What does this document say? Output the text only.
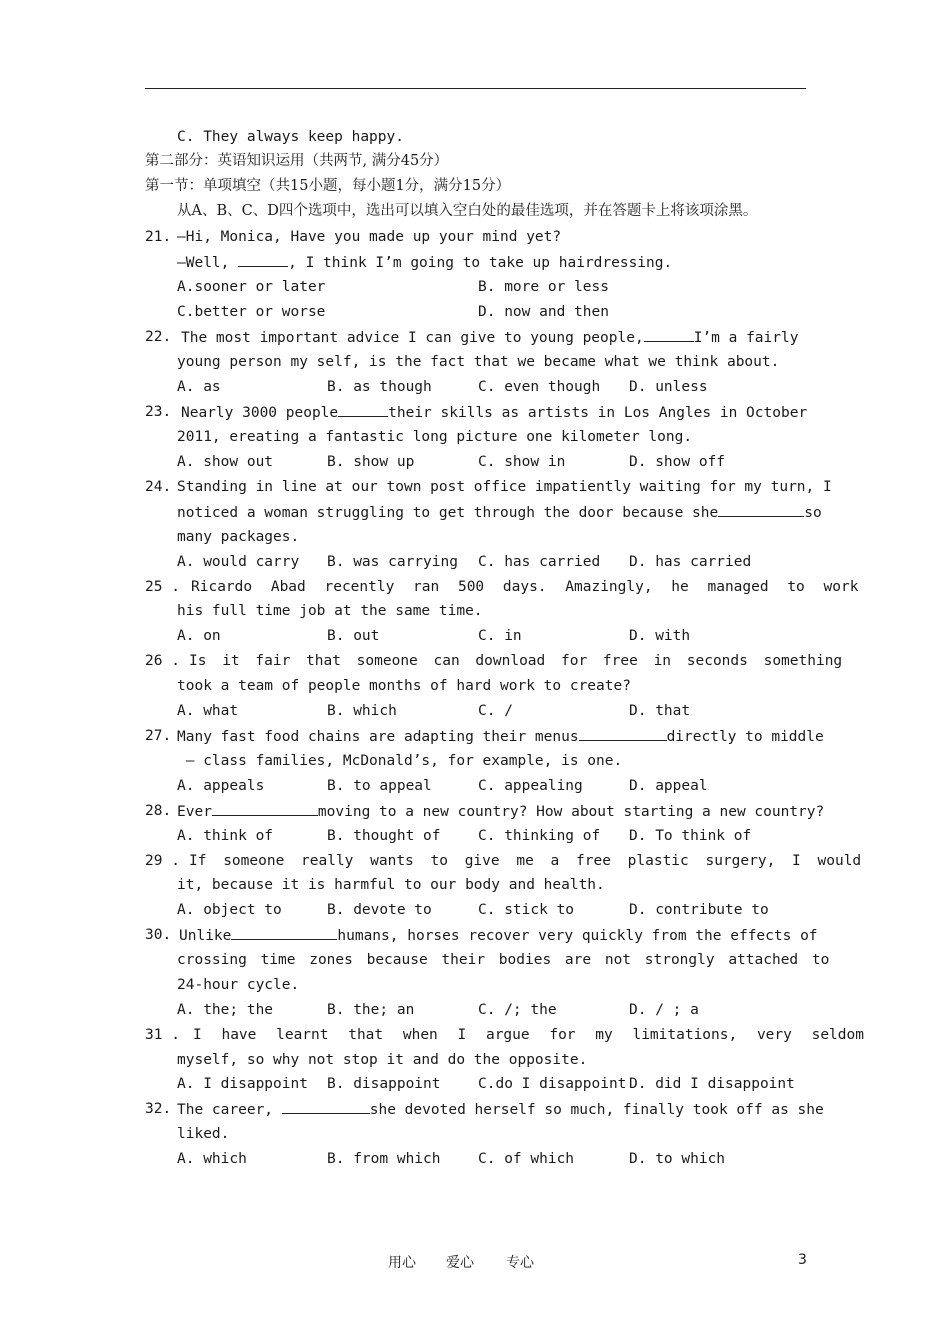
C. They always keep happy.
第二部分：英语知识运用（共两节, 满分45分）
第一节：单项填空（共15小题，每小题1分，满分15分）
从A、B、C、D四个选项中，选出可以填入空白处的最佳选项，并在答题卡上将该项涂黑。
21. —Hi, Monica, Have you made up your mind yet?
—Well,	, I think I’m going to take up hairdressing.
A.sooner or later	B. more or less
C.better or worse	D. now and then
22. The most important advice I can give to young people,	I’m a fairly
young person my self, is the fact that we became what we think about.
A. as	B. as though	C. even though D. unless
23. Nearly 3000 people	their skills as artists in Los Angles in October
2011, ereating a fantastic long picture one kilometer long.
A. show out	B. show up	C. show in	D. show off
24. Standing in line at our town post office impatiently waiting for my turn, I
noticed a woman struggling to get through the door because she	so
many packages.
A. would carry B. was carrying C. has carried D. has carried
25 . Ricardo Abad recently ran 500 days. Amazingly, he managed to work
his full time job at the same time.
A. on	B. out	C. in	D. with
26 . Is it fair that someone can download for free in seconds something
took a team of people months of hard work to create?
A. what	B. which	C. /	D. that
27. Many fast food chains are adapting their menus	directly to middle
– class families, McDonald’s, for example, is one.
A. appeals	B. to appeal	C. appealing	D. appeal
28. Ever	moving to a new country? How about starting a new country?
A. think of	B. thought of	C. thinking of D. To think of
29 . If someone really wants to give me a free plastic surgery, I would
it, because it is harmful to our body and health.
A. object to	B. devote to	C. stick to	D. contribute to
30. Unlike	humans, horses recover very quickly from the effects of
crossing time zones because their bodies are not strongly attached to
24-hour cycle.
A. the; the	B. the; an	C. /; the	D. / ; a
31 . I have learnt that when I argue for my limitations, very seldom
myself, so why not stop it and do the opposite.
A. I disappoint B. disappoint	C.do I disappoint D. did I disappoint
32. The career,	she devoted herself so much, finally took off as she
liked.
A. which	B. from which	C. of which	D. to which
用心 爱心 专心	3
